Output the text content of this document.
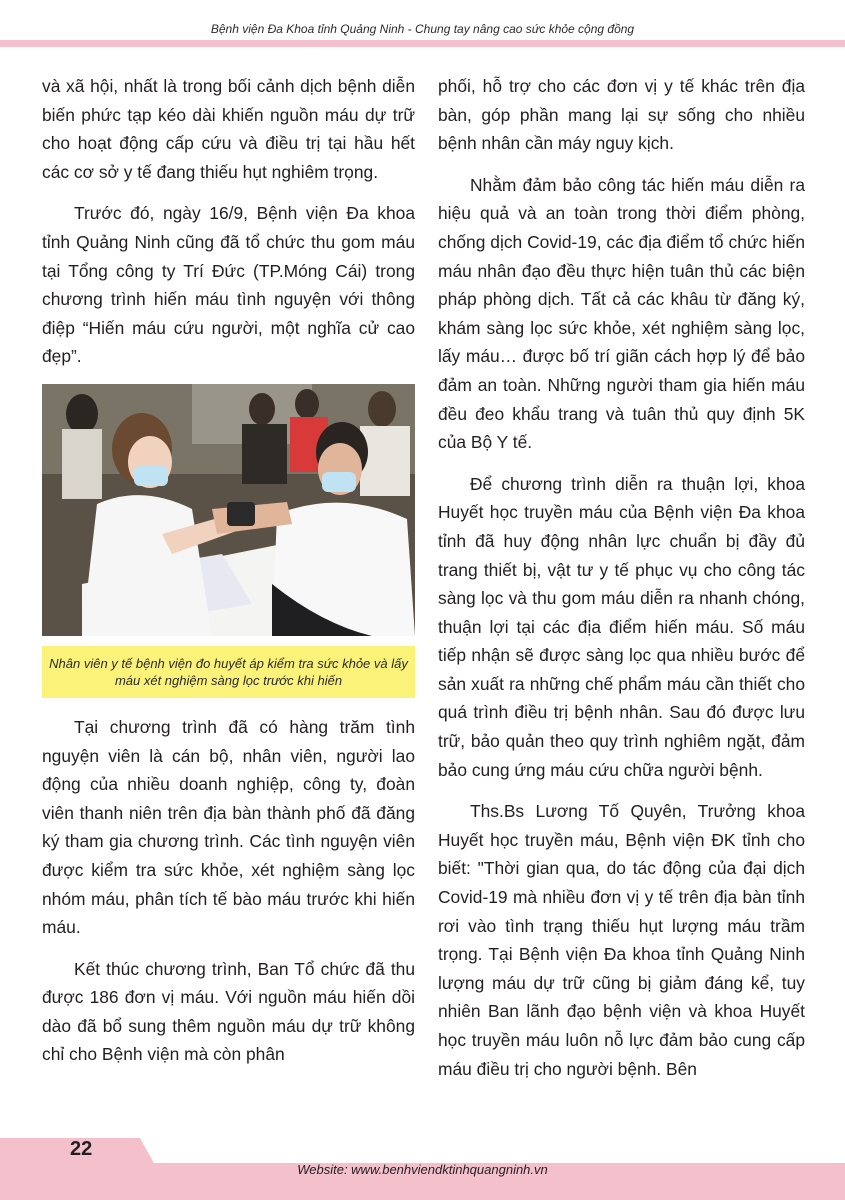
Bệnh viện Đa Khoa tỉnh Quảng Ninh - Chung tay nâng cao sức khỏe cộng đồng

và xã hội, nhất là trong bối cảnh dịch bệnh diễn biến phức tạp kéo dài khiến nguồn máu dự trữ cho hoạt động cấp cứu và điều trị tại hầu hết các cơ sở y tế đang thiếu hụt nghiêm trọng.

Trước đó, ngày 16/9, Bệnh viện Đa khoa tỉnh Quảng Ninh cũng đã tổ chức thu gom máu tại Tổng công ty Trí Đức (TP.Móng Cái) trong chương trình hiến máu tình nguyện với thông điệp “Hiến máu cứu người, một nghĩa cử cao đẹp”.

Nhân viên y tế bệnh viện đo huyết áp kiểm tra sức khỏe và lấy máu xét nghiệm sàng lọc trước khi hiến

Tại chương trình đã có hàng trăm tình nguyện viên là cán bộ, nhân viên, người lao động của nhiều doanh nghiệp, công ty, đoàn viên thanh niên trên địa bàn thành phố đã đăng ký tham gia chương trình. Các tình nguyện viên được kiểm tra sức khỏe, xét nghiệm sàng lọc nhóm máu, phân tích tế bào máu trước khi hiến máu.

Kết thúc chương trình, Ban Tổ chức đã thu được 186 đơn vị máu. Với nguồn máu hiến dồi dào đã bổ sung thêm nguồn máu dự trữ không chỉ cho Bệnh viện mà còn phân

phối, hỗ trợ cho các đơn vị y tế khác trên địa bàn, góp phần mang lại sự sống cho nhiều bệnh nhân cần máy nguy kịch.

Nhằm đảm bảo công tác hiến máu diễn ra hiệu quả và an toàn trong thời điểm phòng, chống dịch Covid-19, các địa điểm tổ chức hiến máu nhân đạo đều thực hiện tuân thủ các biện pháp phòng dịch. Tất cả các khâu từ đăng ký, khám sàng lọc sức khỏe, xét nghiệm sàng lọc, lấy máu… được bố trí giãn cách hợp lý để bảo đảm an toàn. Những người tham gia hiến máu đều đeo khẩu trang và tuân thủ quy định 5K của Bộ Y tế.

Để chương trình diễn ra thuận lợi, khoa Huyết học truyền máu của Bệnh viện Đa khoa tỉnh đã huy động nhân lực chuẩn bị đầy đủ trang thiết bị, vật tư y tế phục vụ cho công tác sàng lọc và thu gom máu diễn ra nhanh chóng, thuận lợi tại các địa điểm hiến máu. Số máu tiếp nhận sẽ được sàng lọc qua nhiều bước để sản xuất ra những chế phẩm máu cần thiết cho quá trình điều trị bệnh nhân. Sau đó được lưu trữ, bảo quản theo quy trình nghiêm ngặt, đảm bảo cung ứng máu cứu chữa người bệnh.

Ths.Bs Lương Tố Quyên, Trưởng khoa Huyết học truyền máu, Bệnh viện ĐK tỉnh cho biết: "Thời gian qua, do tác động của đại dịch Covid-19 mà nhiều đơn vị y tế trên địa bàn tỉnh rơi vào tình trạng thiếu hụt lượng máu trầm trọng. Tại Bệnh viện Đa khoa tỉnh Quảng Ninh lượng máu dự trữ cũng bị giảm đáng kể, tuy nhiên Ban lãnh đạo bệnh viện và khoa Huyết học truyền máu luôn nỗ lực đảm bảo cung cấp máu điều trị cho người bệnh. Bên

22
Website: www.benhviendktinhquangninh.vn
